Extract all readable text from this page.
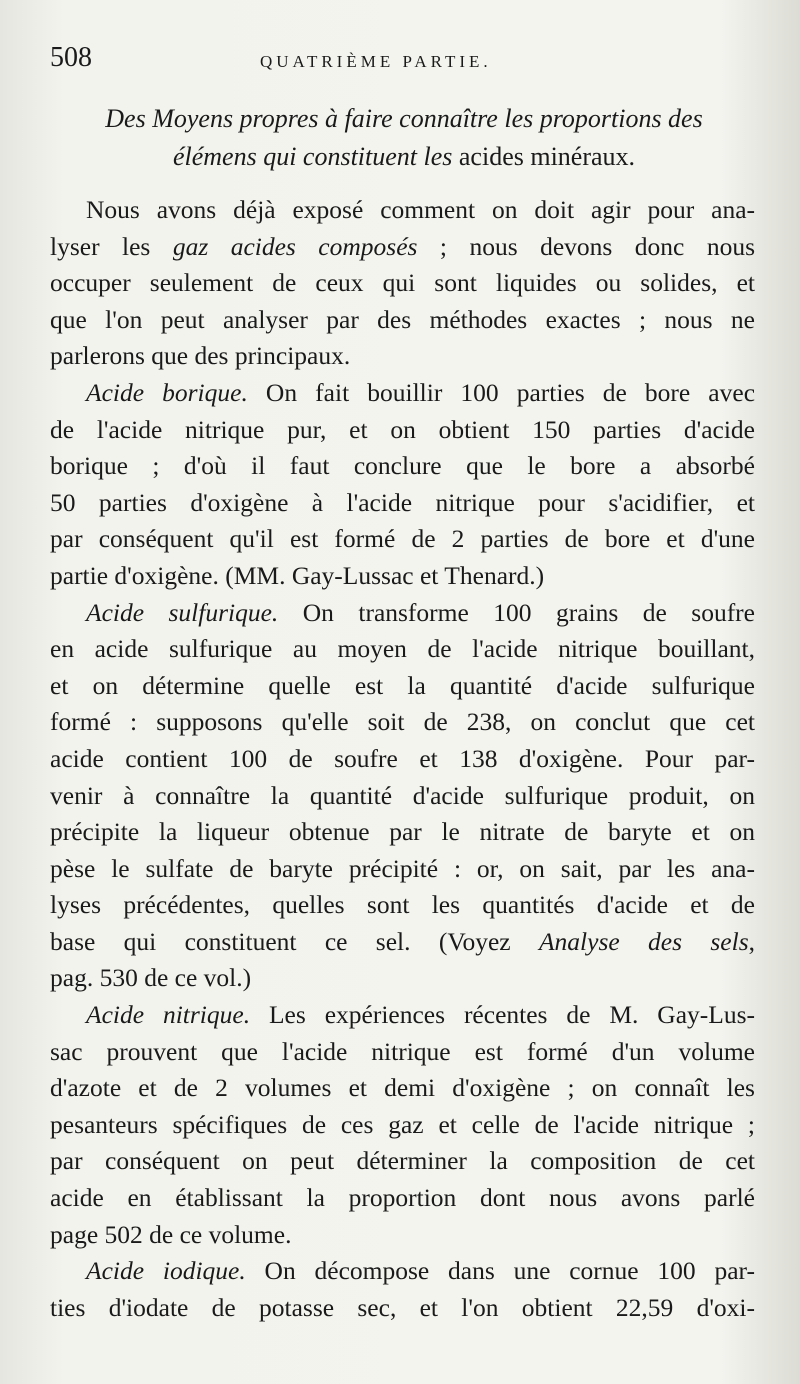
508	QUATRIÈME PARTIE.
Des Moyens propres à faire connaître les proportions des
élémens qui constituent les acides minéraux.
Nous avons déjà exposé comment on doit agir pour ana-
lyser les gaz acides composés ; nous devons donc nous
occuper seulement de ceux qui sont liquides ou solides, et
que l'on peut analyser par des méthodes exactes ; nous ne
parlerons que des principaux.
Acide borique. On fait bouillir 100 parties de bore avec
de l'acide nitrique pur, et on obtient 150 parties d'acide
borique ; d'où il faut conclure que le bore a absorbé
50 parties d'oxigène à l'acide nitrique pour s'acidifier, et
par conséquent qu'il est formé de 2 parties de bore et d'une
partie d'oxigène. (MM. Gay-Lussac et Thenard.)
Acide sulfurique. On transforme 100 grains de soufre
en acide sulfurique au moyen de l'acide nitrique bouillant,
et on détermine quelle est la quantité d'acide sulfurique
formé : supposons qu'elle soit de 238, on conclut que cet
acide contient 100 de soufre et 138 d'oxigène. Pour par-
venir à connaître la quantité d'acide sulfurique produit, on
précipite la liqueur obtenue par le nitrate de baryte et on
pèse le sulfate de baryte précipité : or, on sait, par les ana-
lyses précédentes, quelles sont les quantités d'acide et de
base qui constituent ce sel. (Voyez Analyse des sels,
pag. 530 de ce vol.)
Acide nitrique. Les expériences récentes de M. Gay-Lus-
sac prouvent que l'acide nitrique est formé d'un volume
d'azote et de 2 volumes et demi d'oxigène ; on connaît les
pesanteurs spécifiques de ces gaz et celle de l'acide nitrique ;
par conséquent on peut déterminer la composition de cet
acide en établissant la proportion dont nous avons parlé
page 502 de ce volume.
Acide iodique. On décompose dans une cornue 100 par-
ties d'iodate de potasse sec, et l'on obtient 22,59 d'oxi-
